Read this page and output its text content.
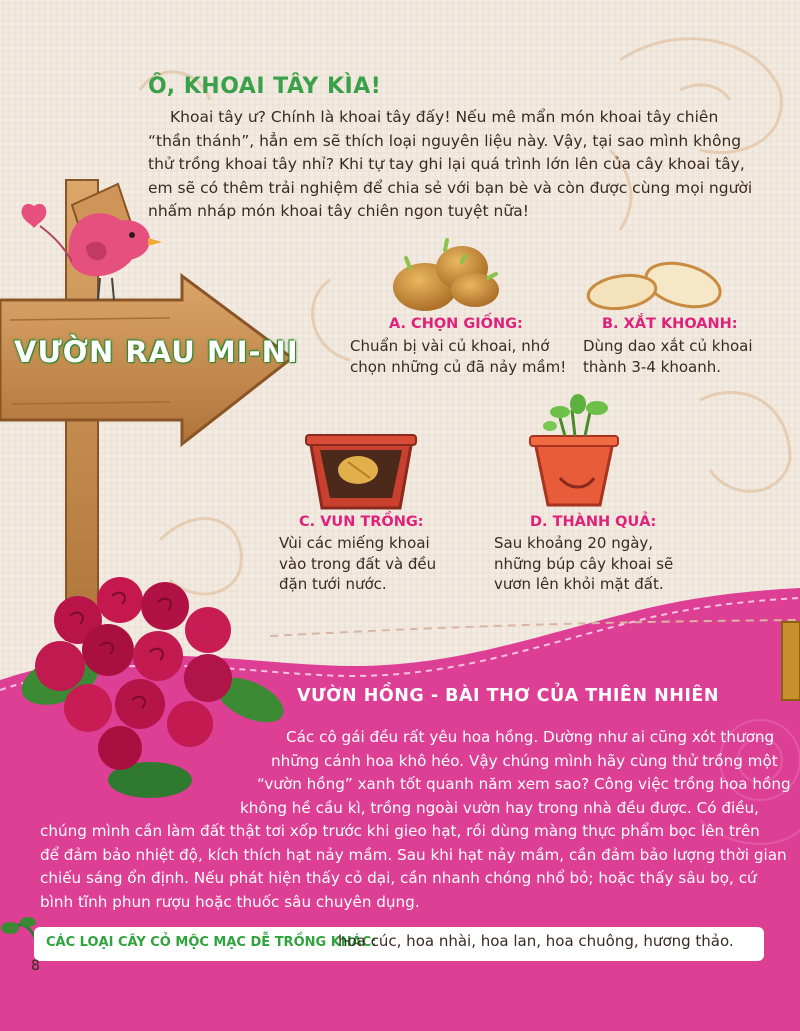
Ô, KHOAI TÂY KÌA!

Khoai tây ư? Chính là khoai tây đấy! Nếu mê mẩn món khoai tây chiên “thần thánh”, hẳn em sẽ thích loại nguyên liệu này. Vậy, tại sao mình không thử trồng khoai tây nhỉ? Khi tự tay ghi lại quá trình lớn lên của cây khoai tây, em sẽ có thêm trải nghiệm để chia sẻ với bạn bè và còn được cùng mọi người nhấm nháp món khoai tây chiên ngon tuyệt nữa!

VƯỜN RAU MI-NI
A. CHỌN GIỐNG:
Chuẩn bị vài củ khoai, nhớ
chọn những củ đã nảy mầm!
B. XẮT KHOANH:
Dùng dao xắt củ khoai
thành 3-4 khoanh.
C. VUN TRỒNG:
Vùi các miếng khoai
vào trong đất và đều
đặn tưới nước.
D. THÀNH QUẢ:
Sau khoảng 20 ngày,
những búp cây khoai sẽ
vươn lên khỏi mặt đất.
VƯỜN HỒNG - BÀI THƠ CỦA THIÊN NHIÊN
Các cô gái đều rất yêu hoa hồng. Dường như ai cũng xót thương
những cánh hoa khô héo. Vậy chúng mình hãy cùng thử trồng một
“vườn hồng” xanh tốt quanh năm xem sao? Công việc trồng hoa hồng
không hề cầu kì, trồng ngoài vườn hay trong nhà đều được. Có điều,
chúng mình cần làm đất thật tơi xốp trước khi gieo hạt, rồi dùng màng thực phẩm bọc lên trên
để đảm bảo nhiệt độ, kích thích hạt nảy mầm. Sau khi hạt nảy mầm, cần đảm bảo lượng thời gian
chiếu sáng ổn định. Nếu phát hiện thấy cỏ dại, cần nhanh chóng nhổ bỏ; hoặc thấy sâu bọ, cứ
bình tĩnh phun rượu hoặc thuốc sâu chuyên dụng.
CÁC LOẠI CÂY CỎ MỘC MẠC DỄ TRỒNG KHÁC:
hoa cúc, hoa nhài, hoa lan, hoa chuông, hương thảo.
8
